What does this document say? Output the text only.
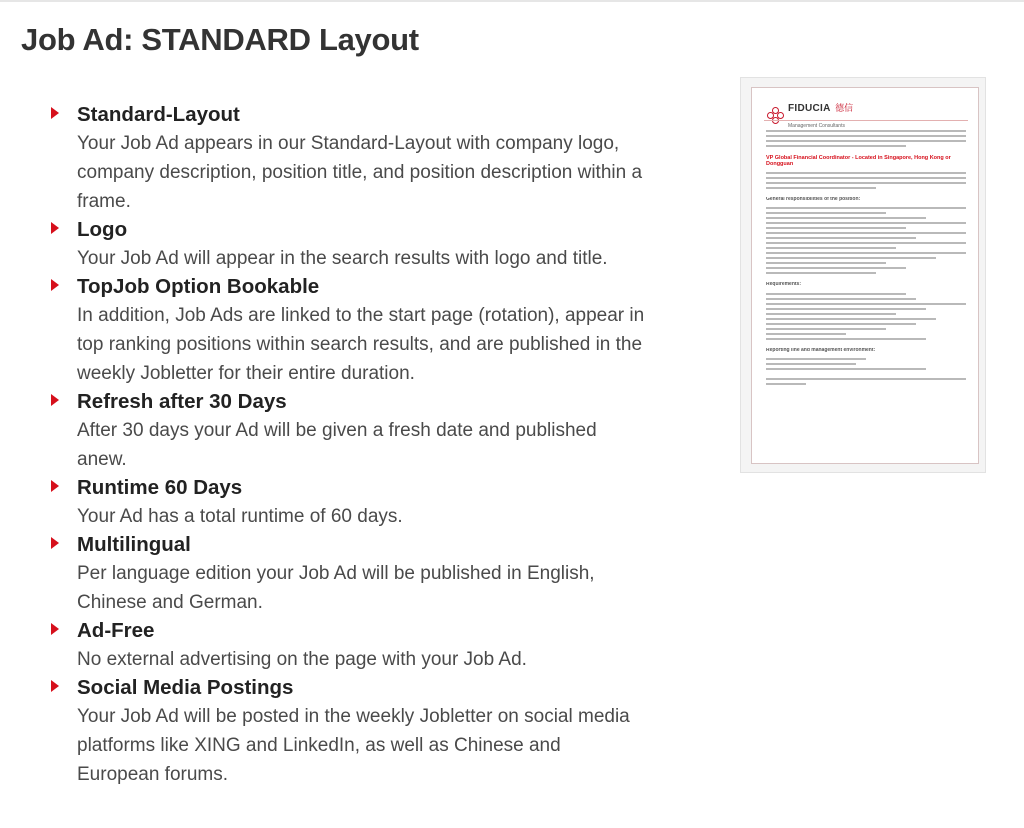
Job Ad: STANDARD Layout
Standard-Layout
Your Job Ad appears in our Standard-Layout with company logo, company description, position title, and position description within a frame.
Logo
Your Job Ad will appear in the search results with logo and title.
TopJob Option Bookable
In addition, Job Ads are linked to the start page (rotation), appear in top ranking positions within search results, and are published in the weekly Jobletter for their entire duration.
Refresh after 30 Days
After 30 days your Ad will be given a fresh date and published anew.
Runtime 60 Days
Your Ad has a total runtime of 60 days.
Multilingual
Per language edition your Job Ad will be published in English, Chinese and German.
Ad-Free
No external advertising on the page with your Job Ad.
Social Media Postings
Your Job Ad will be posted in the weekly Jobletter on social media platforms like XING and LinkedIn, as well as Chinese and European forums.
FIDUCIA 德信
Management Consultants
VP Global Financial Coordinator - Located in Singapore, Hong Kong or Dongguan
General responsibilities of the position:
Requirements:
Reporting line and management environment:
